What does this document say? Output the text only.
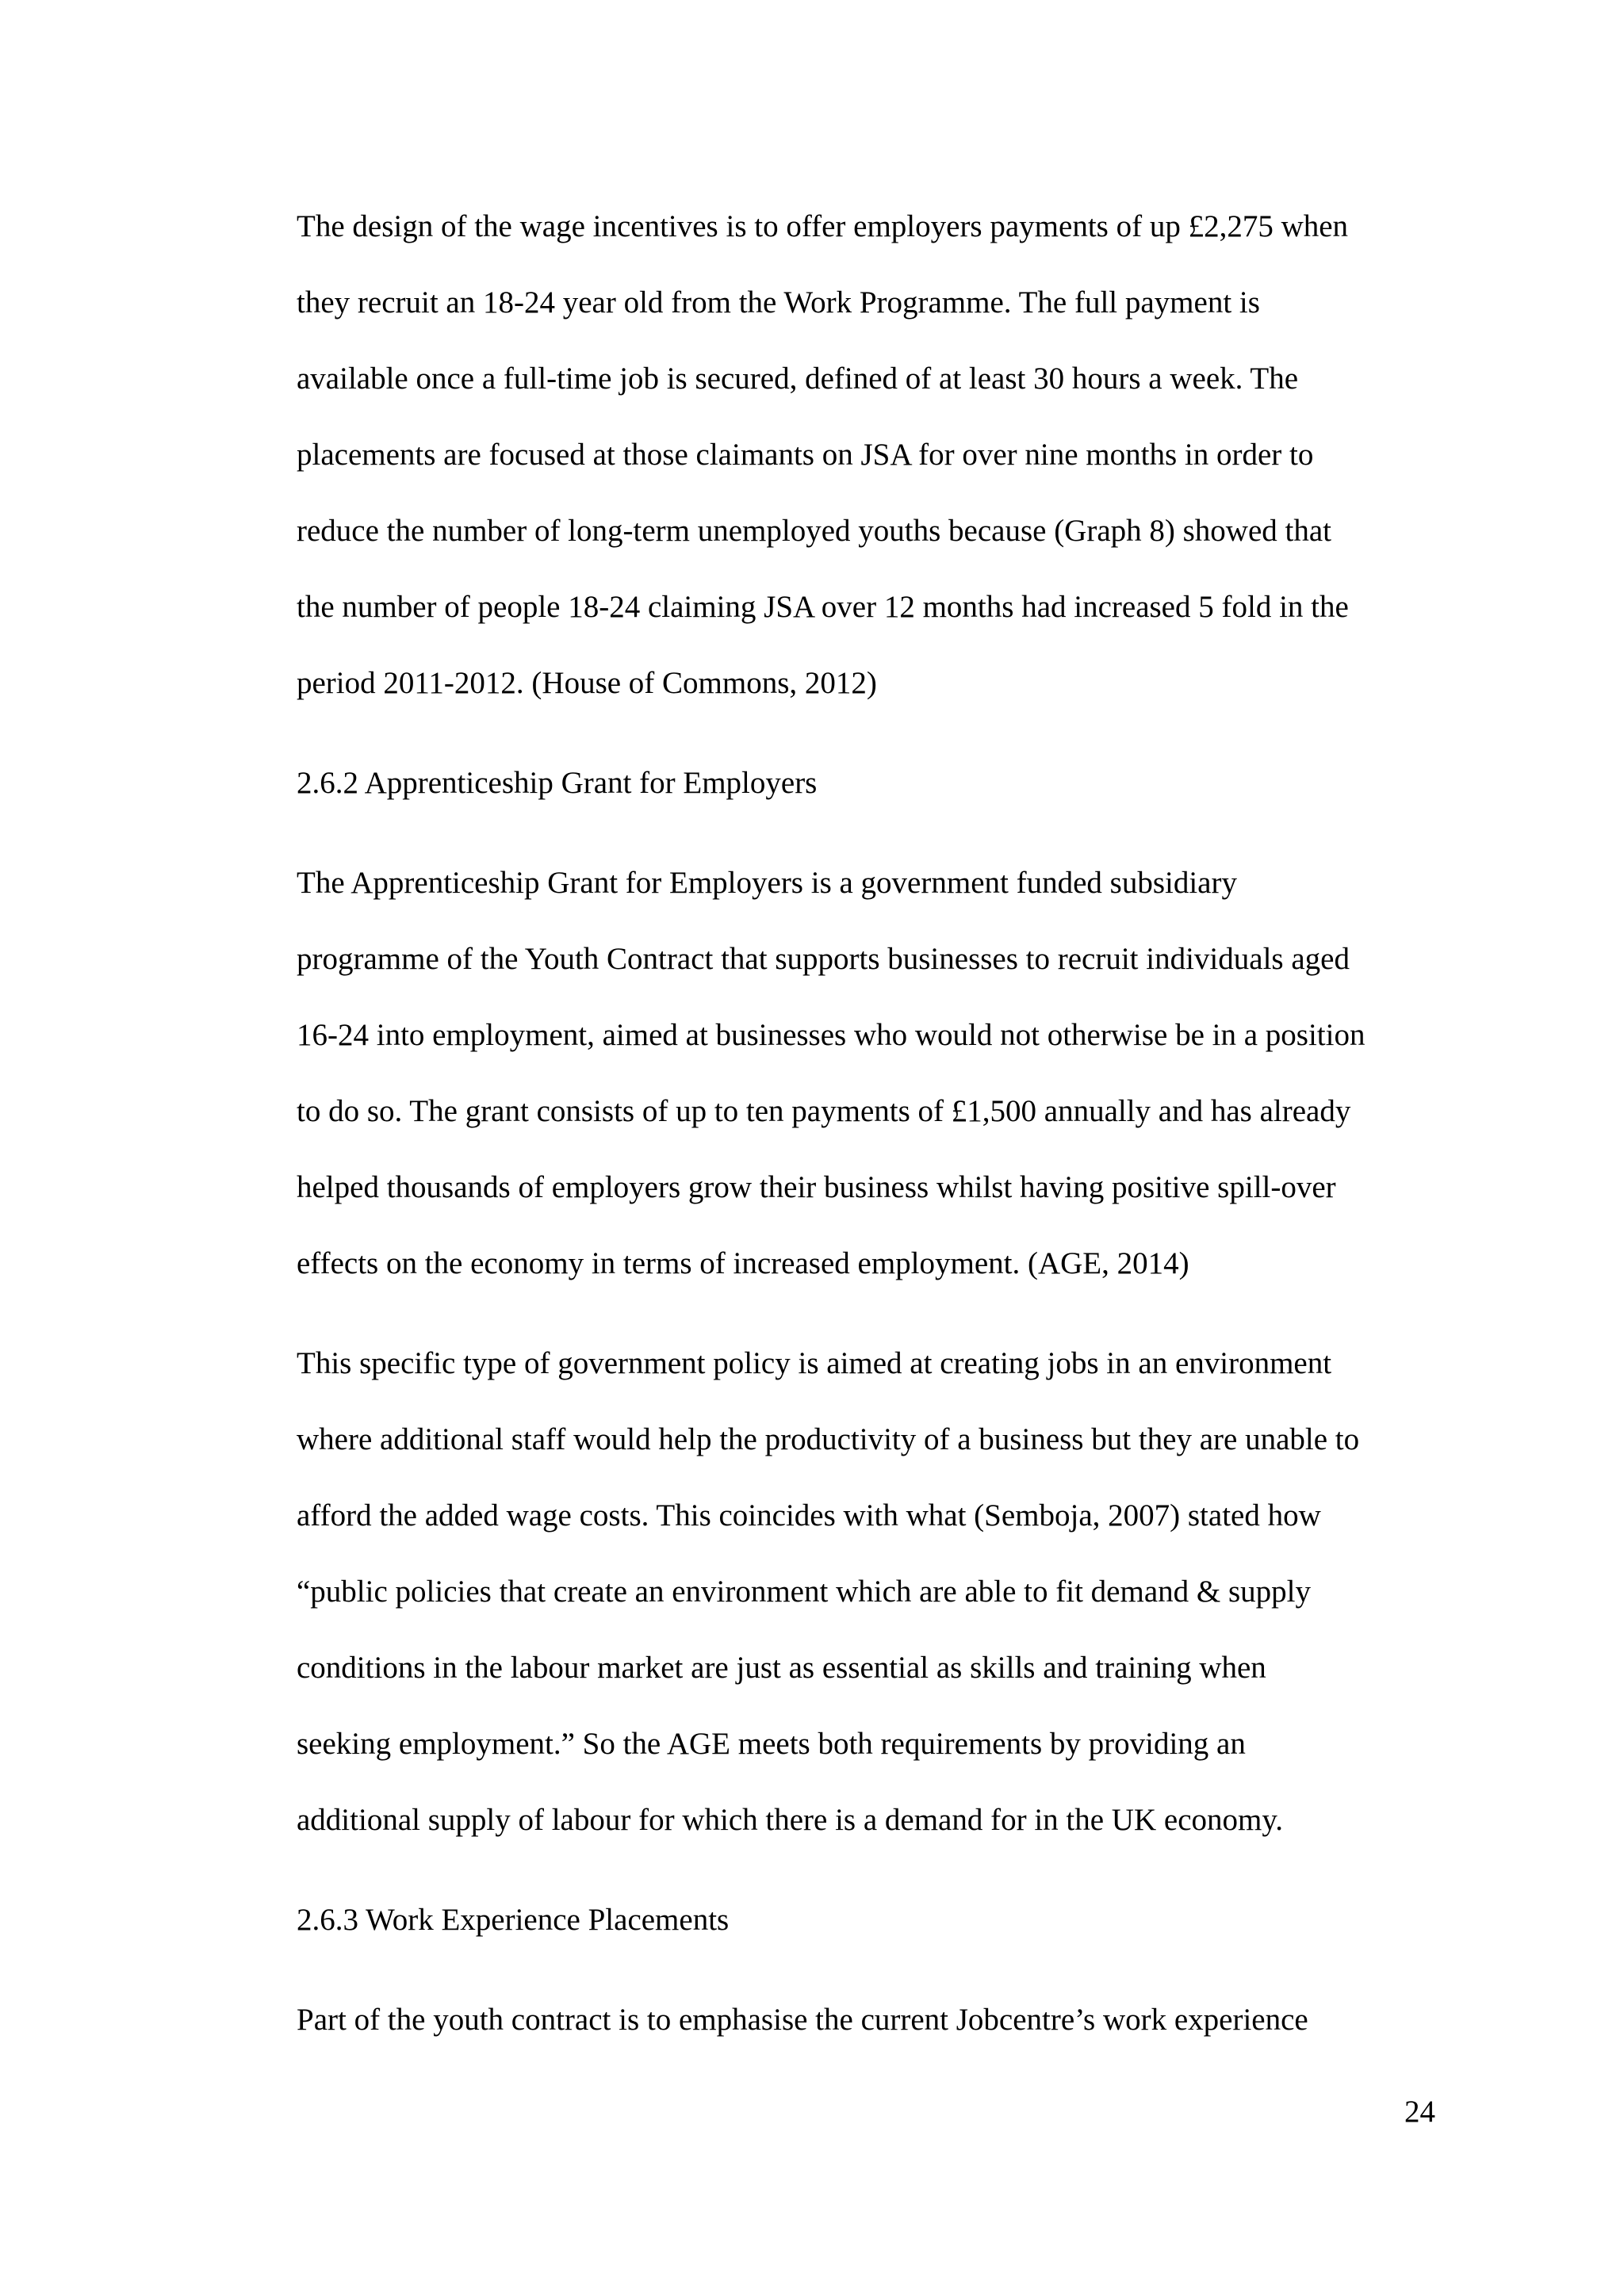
The design of the wage incentives is to offer employers payments of up £2,275 when
they recruit an 18-24 year old from the Work Programme. The full payment is
available once a full-time job is secured, defined of at least 30 hours a week. The
placements are focused at those claimants on JSA for over nine months in order to
reduce the number of long-term unemployed youths because (Graph 8) showed that
the number of people 18-24 claiming JSA over 12 months had increased 5 fold in the
period 2011-2012. (House of Commons, 2012)
2.6.2 Apprenticeship Grant for Employers
The Apprenticeship Grant for Employers is a government funded subsidiary
programme of the Youth Contract that supports businesses to recruit individuals aged
16-24 into employment, aimed at businesses who would not otherwise be in a position
to do so. The grant consists of up to ten payments of £1,500 annually and has already
helped thousands of employers grow their business whilst having positive spill-over
effects on the economy in terms of increased employment. (AGE, 2014)
This specific type of government policy is aimed at creating jobs in an environment
where additional staff would help the productivity of a business but they are unable to
afford the added wage costs. This coincides with what (Semboja, 2007) stated how
“public policies that create an environment which are able to fit demand & supply
conditions in the labour market are just as essential as skills and training when
seeking employment.” So the AGE meets both requirements by providing an
additional supply of labour for which there is a demand for in the UK economy.
2.6.3 Work Experience Placements
Part of the youth contract is to emphasise the current Jobcentre’s work experience
24
